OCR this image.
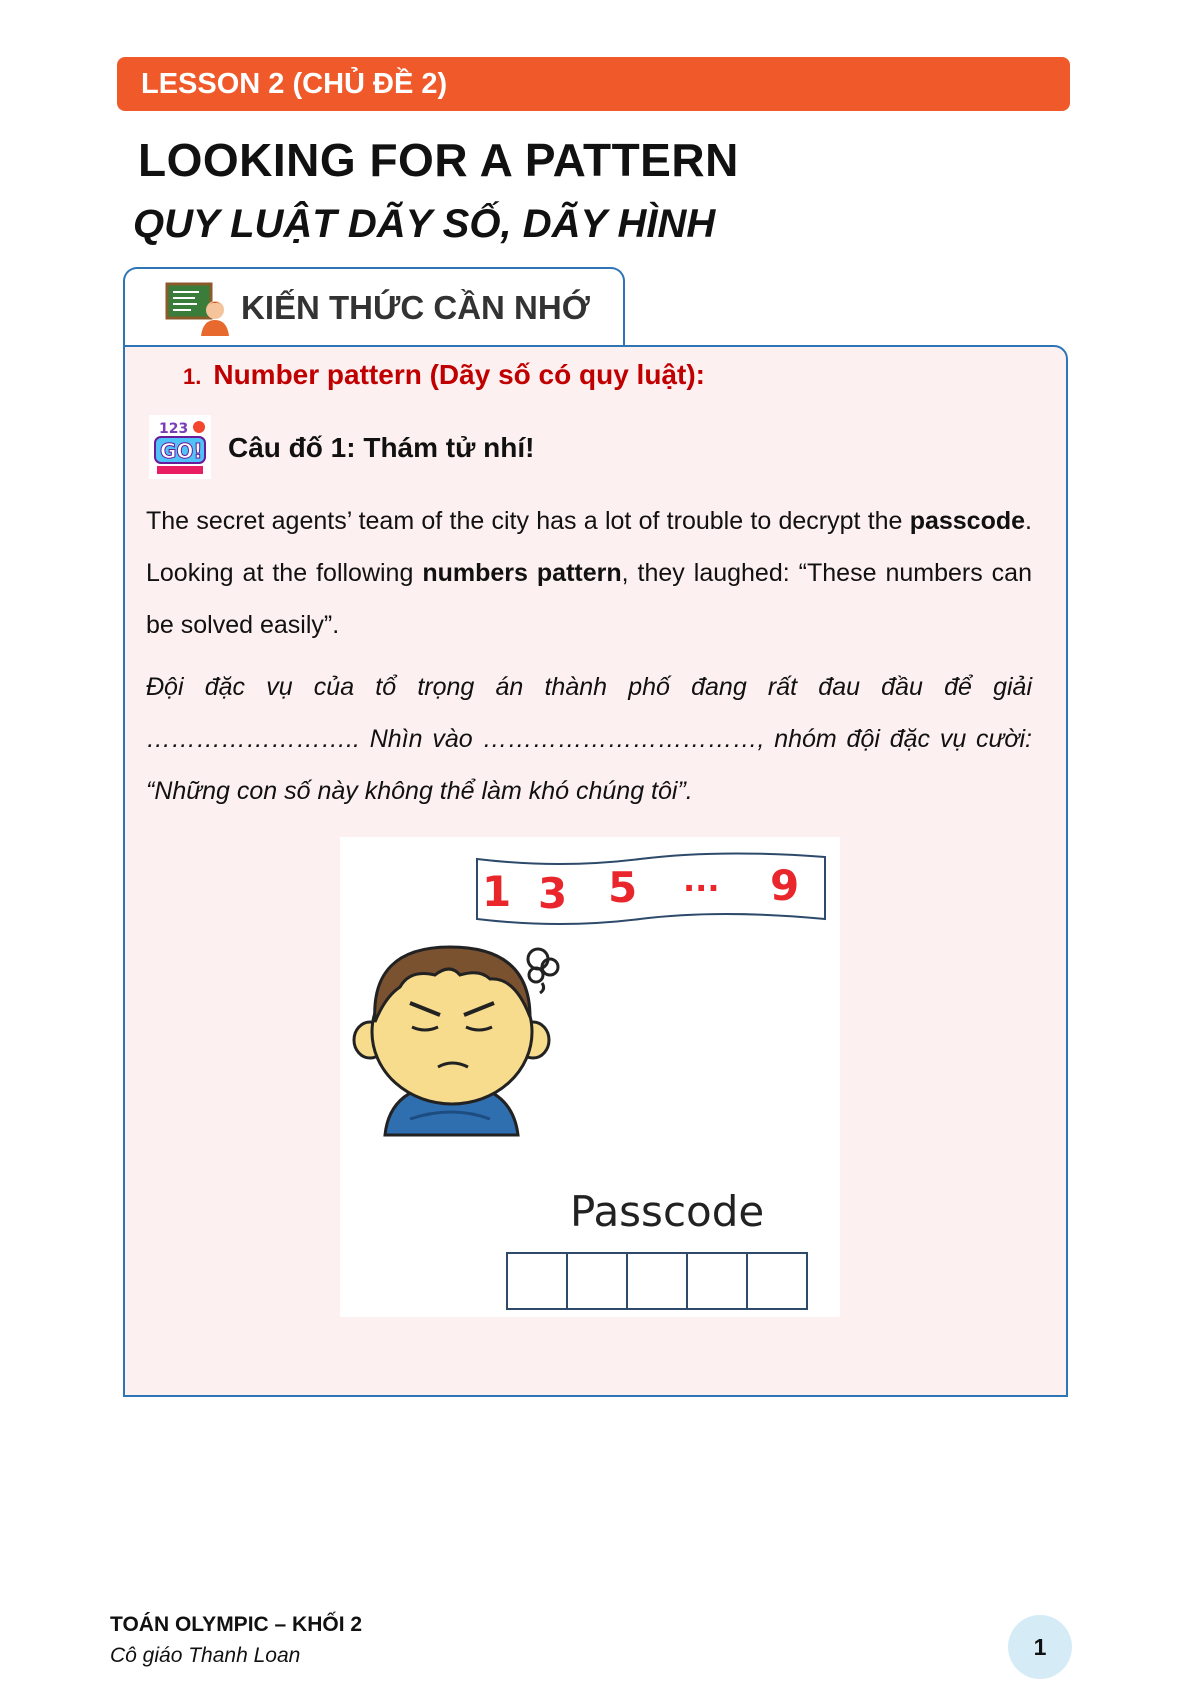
LESSON 2 (CHỦ ĐỀ 2)
LOOKING FOR A PATTERN
QUY LUẬT DÃY SỐ, DÃY HÌNH
KIẾN THỨC CẦN NHỚ
1. Number pattern (Dãy số có quy luật):
123
GO! Câu đố 1: Thám tử nhí!
The secret agents’ team of the city has a lot of trouble to decrypt the passcode. Looking at the following numbers pattern, they laughed: “These numbers can be solved easily”.
Đội đặc vụ của tổ trọng án thành phố đang rất đau đầu để giải …………………….. Nhìn vào ……………………………, nhóm đội đặc vụ cười: “Những con số này không thể làm khó chúng tôi”.
1 3 5 ... 9
Passcode
TOÁN OLYMPIC – KHỐI 2
Cô giáo Thanh Loan	1
